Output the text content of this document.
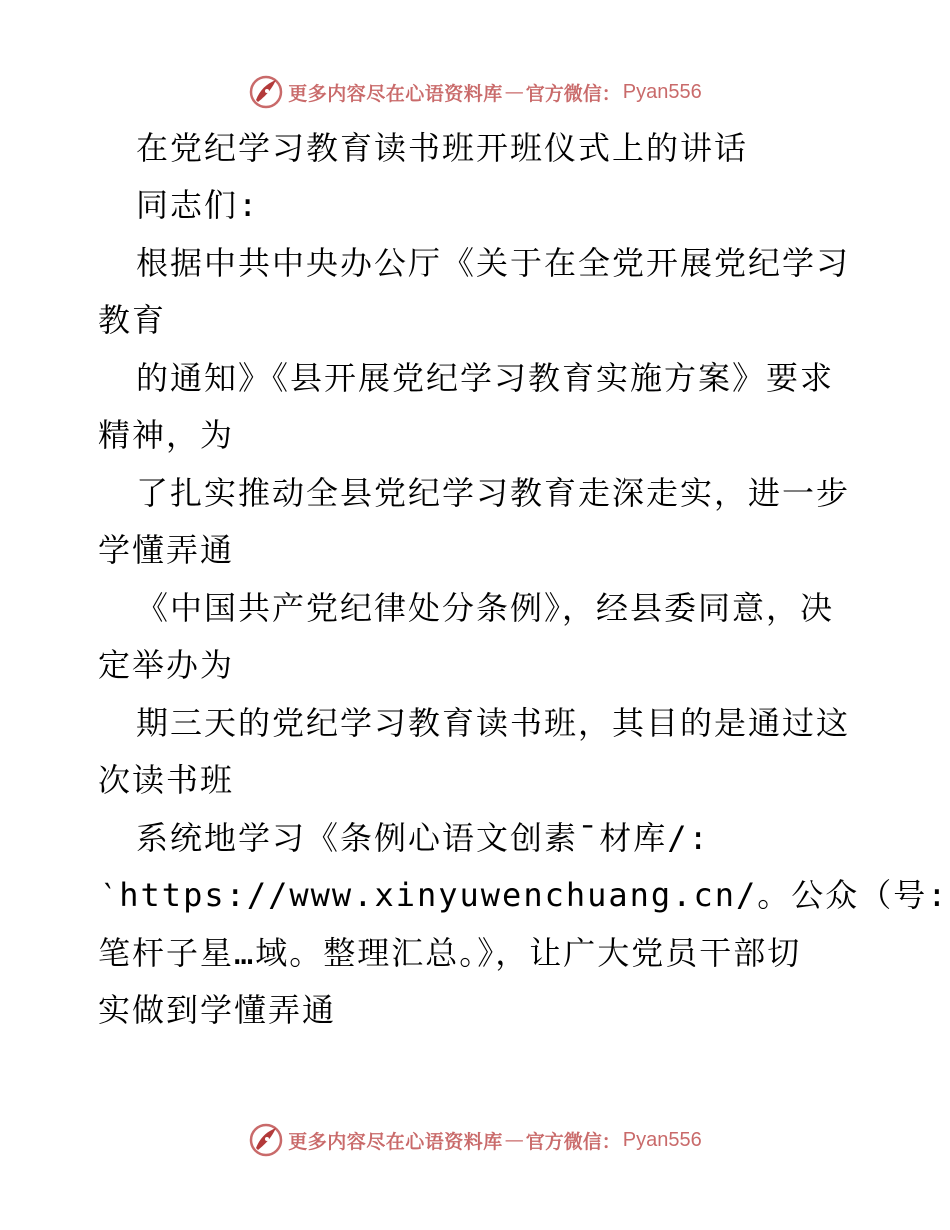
更多内容尽在心语资料库 — 官方微信： Pyan556
在党纪学习教育读书班开班仪式上的讲话
同志们:
根据中共中央办公厅《关于在全党开展党纪学习
教育
的通知》《县开展党纪学习教育实施方案》要求
精神，为
了扎实推动全县党纪学习教育走深走实，进一步
学懂弄通
《中国共产党纪律处分条例》，经县委同意，决
定举办为
期三天的党纪学习教育读书班，其目的是通过这
次读书班
系统地学习《条例心语文创素¯材库/:
‵https://www.xinyuwenchuang.cn/。公众（号:
笔杆子星…域。整理汇总。》，让广大党员干部切
实做到学懂弄通
更多内容尽在心语资料库 — 官方微信： Pyan556
